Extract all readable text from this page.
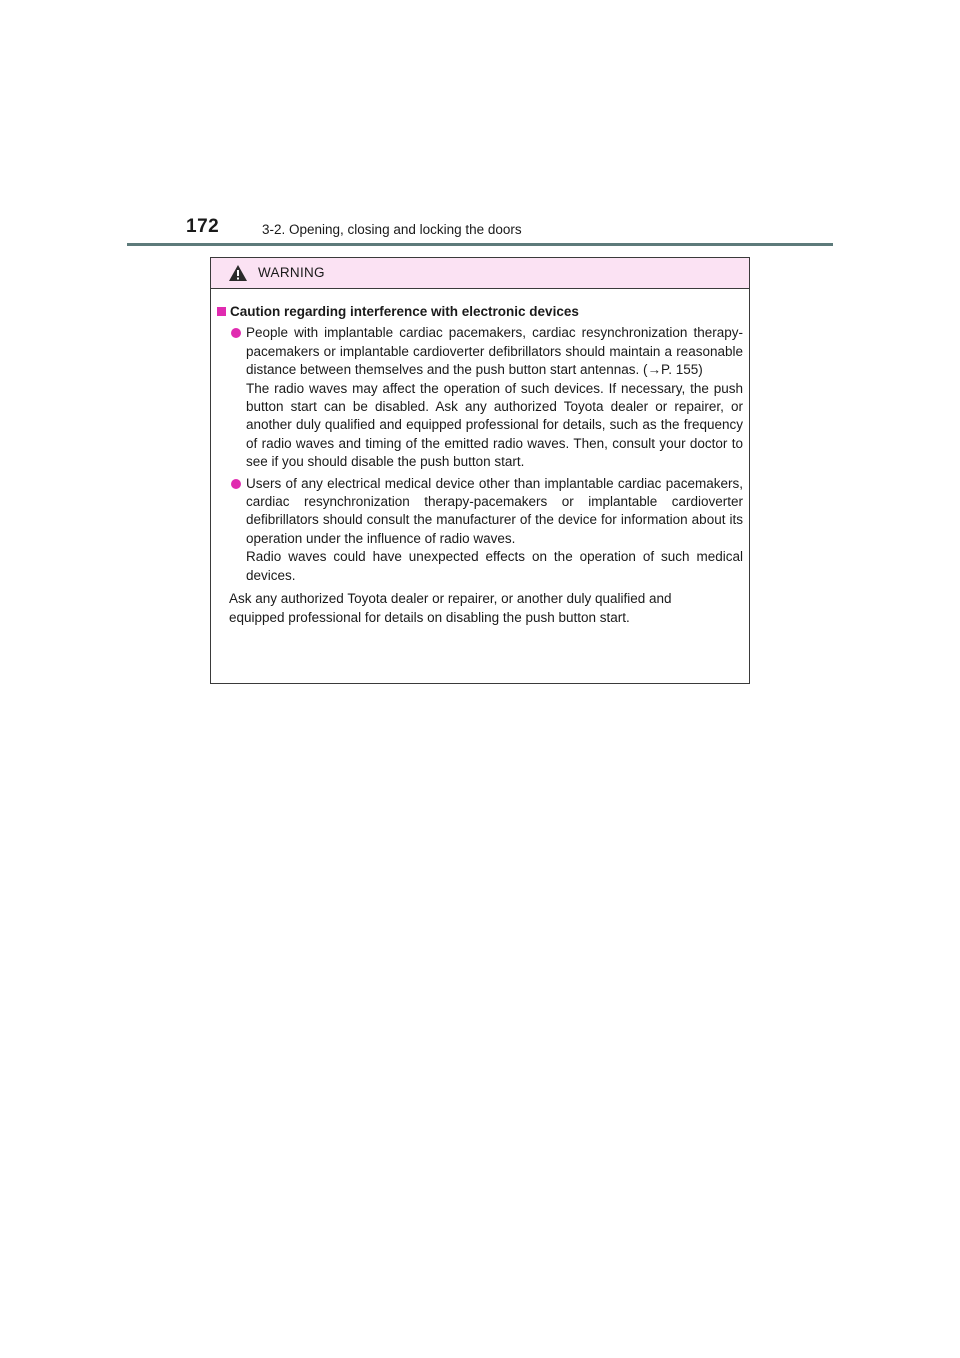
172	3-2. Opening, closing and locking the doors
WARNING
Caution regarding interference with electronic devices

People with implantable cardiac pacemakers, cardiac resynchronization therapy-pacemakers or implantable cardioverter defibrillators should maintain a reasonable distance between themselves and the push button start antennas. (→P. 155)

The radio waves may affect the operation of such devices. If necessary, the push button start can be disabled. Ask any authorized Toyota dealer or repairer, or another duly qualified and equipped professional for details, such as the frequency of radio waves and timing of the emitted radio waves. Then, consult your doctor to see if you should disable the push button start.

Users of any electrical medical device other than implantable cardiac pacemakers, cardiac resynchronization therapy-pacemakers or implantable cardioverter defibrillators should consult the manufacturer of the device for information about its operation under the influence of radio waves.

Radio waves could have unexpected effects on the operation of such medical devices.

Ask any authorized Toyota dealer or repairer, or another duly qualified and

equipped professional for details on disabling the push button start.
